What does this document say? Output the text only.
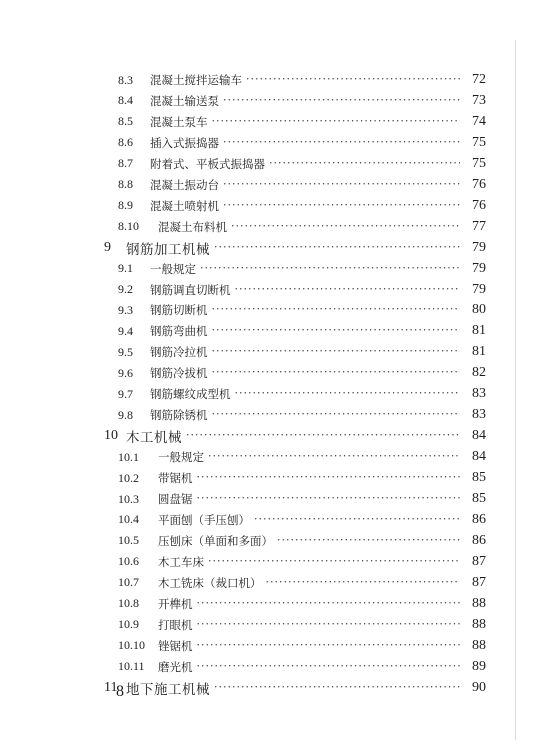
8.3	混凝土搅拌运输车 ·····	72
8.4	混凝土输送泵 ·····	73
8.5	混凝土泵车 ·····	74
8.6	插入式振捣器 ·····	75
8.7	附着式、平板式振捣器 ·····	75
8.8	混凝土振动台 ·····	76
8.9	混凝土喷射机 ·····	76
8.10	混凝土布料机 ·····	77
9	钢筋加工机械 ·····	79
9.1	一般规定 ·····	79
9.2	钢筋调直切断机 ·····	79
9.3	钢筋切断机 ·····	80
9.4	钢筋弯曲机 ·····	81
9.5	钢筋冷拉机 ·····	81
9.6	钢筋冷拔机 ·····	82
9.7	钢筋螺纹成型机 ·····	83
9.8	钢筋除锈机 ·····	83
10 木工机械 ·····	84
10.1	一般规定 ·····	84
10.2	带锯机 ·····	85
10.3	圆盘锯 ·····	85
10.4	平面刨（手压刨） ·····	86
10.5	压刨床（单面和多面） ·····	86
10.6	木工车床 ·····	87
10.7	木工铣床（裁口机） ·····	87
10.8	开榫机 ·····	88
10.9	打眼机 ·····	88
10.10	锉锯机 ·····	88
10.11	磨光机 ·····	89
11 地下施工机械 ·····	90
8
